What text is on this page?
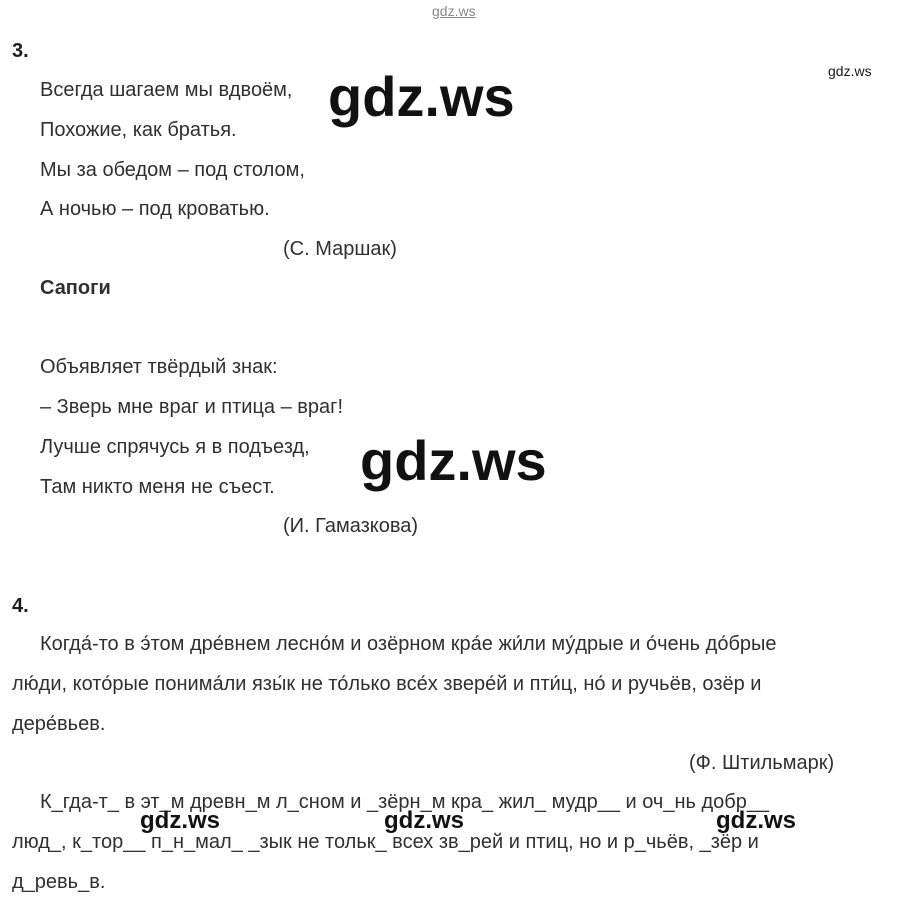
gdz.ws
3.
gdz.ws
Всегда шагаем мы вдвоём,
Похожие, как братья.
Мы за обедом – под столом,
А ночью – под кроватью.
(С. Маршак)
gdz.ws
Сапоги
Объявляет твёрдый знак:
– Зверь мне враг и птица – враг!
Лучше спрячусь я в подъезд,
Там никто меня не съест.
(И. Гамазкова)
gdz.ws
4.
Когда́-то в э́том дре́внем лесно́м и озёрном кра́е жи́ли му́дрые и о́чень до́брые
лю́ди, кото́рые понима́ли язы́к не то́лько все́х звере́й и пти́ц, но́ и ручьёв, озёр и
дере́вьев.
(Ф. Штильмарк)
К_гда-т_ в эт_м древн_м л_сном и _зёрн_м кра_ жил_ мудр__ и оч_нь добр__
люд_, к_тор__ п_н_мал_ _зык не тольк_ всех зв_рей и птиц, но и р_чьёв, _зёр и
д_ревь_в.
gdz.ws	gdz.ws	gdz.ws
